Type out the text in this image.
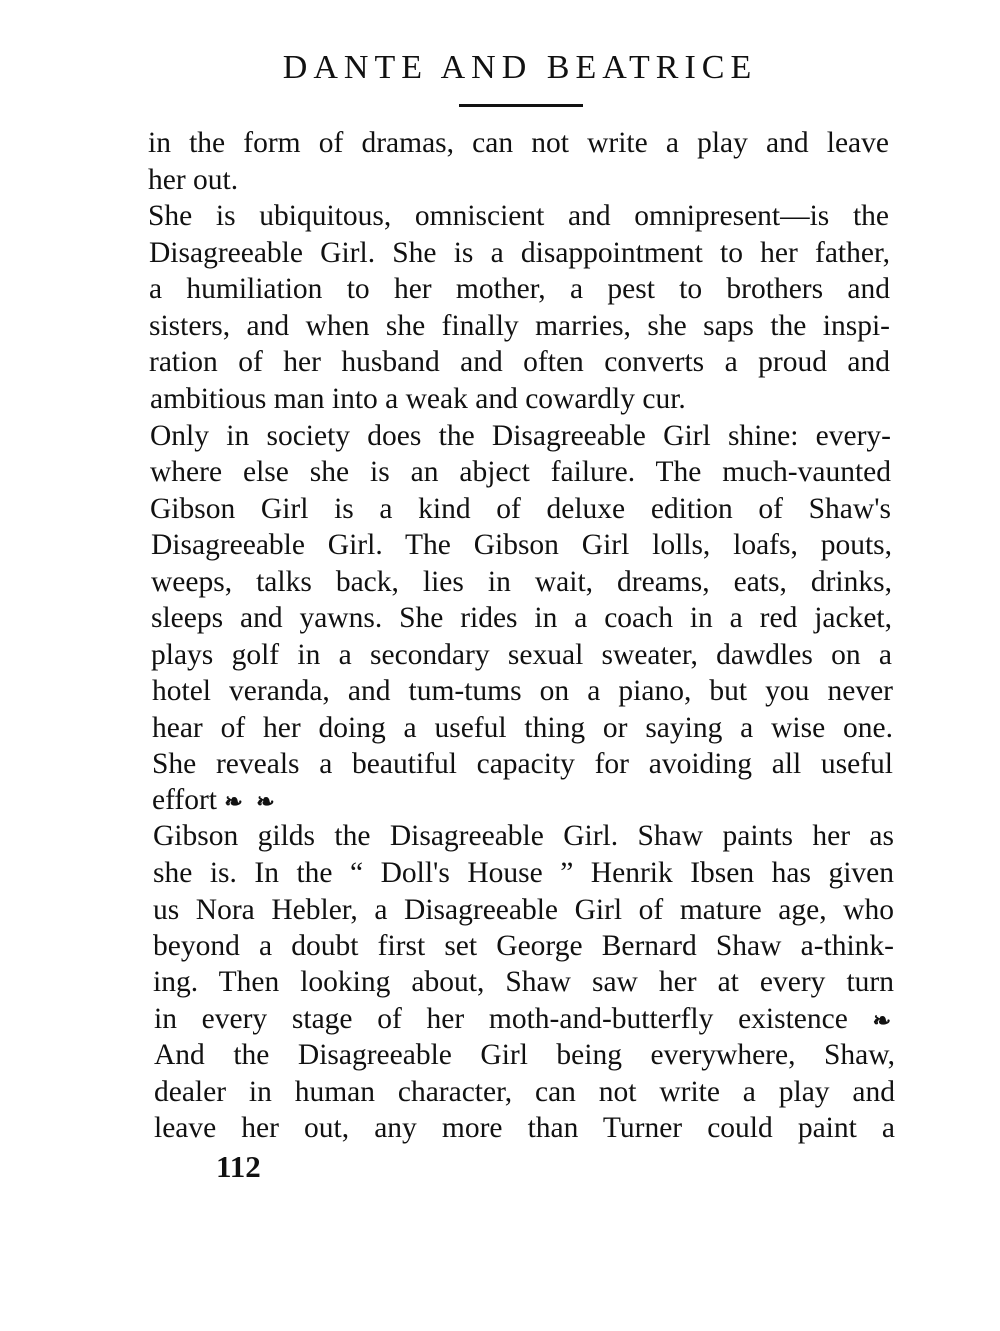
DANTE AND BEATRICE
in the form of dramas, can not write a play and leave
her out.
She is ubiquitous, omniscient and omnipresent—is the
Disagreeable Girl. She is a disappointment to her father,
a humiliation to her mother, a pest to brothers and
sisters, and when she finally marries, she saps the inspi-
ration of her husband and often converts a proud and
ambitious man into a weak and cowardly cur.
Only in society does the Disagreeable Girl shine: every-
where else she is an abject failure. The much-vaunted
Gibson Girl is a kind of deluxe edition of Shaw's
Disagreeable Girl. The Gibson Girl lolls, loafs, pouts,
weeps, talks back, lies in wait, dreams, eats, drinks,
sleeps and yawns. She rides in a coach in a red jacket,
plays golf in a secondary sexual sweater, dawdles on a
hotel veranda, and tum-tums on a piano, but you never
hear of her doing a useful thing or saying a wise one.
She reveals a beautiful capacity for avoiding all useful
effort ❧ ❧
Gibson gilds the Disagreeable Girl. Shaw paints her as
she is. In the “ Doll's House ” Henrik Ibsen has given
us Nora Hebler, a Disagreeable Girl of mature age, who
beyond a doubt first set George Bernard Shaw a-think-
ing. Then looking about, Shaw saw her at every turn
in every stage of her moth-and-butterfly existence ❧
And the Disagreeable Girl being everywhere, Shaw,
dealer in human character, can not write a play and
leave her out, any more than Turner could paint a
112
